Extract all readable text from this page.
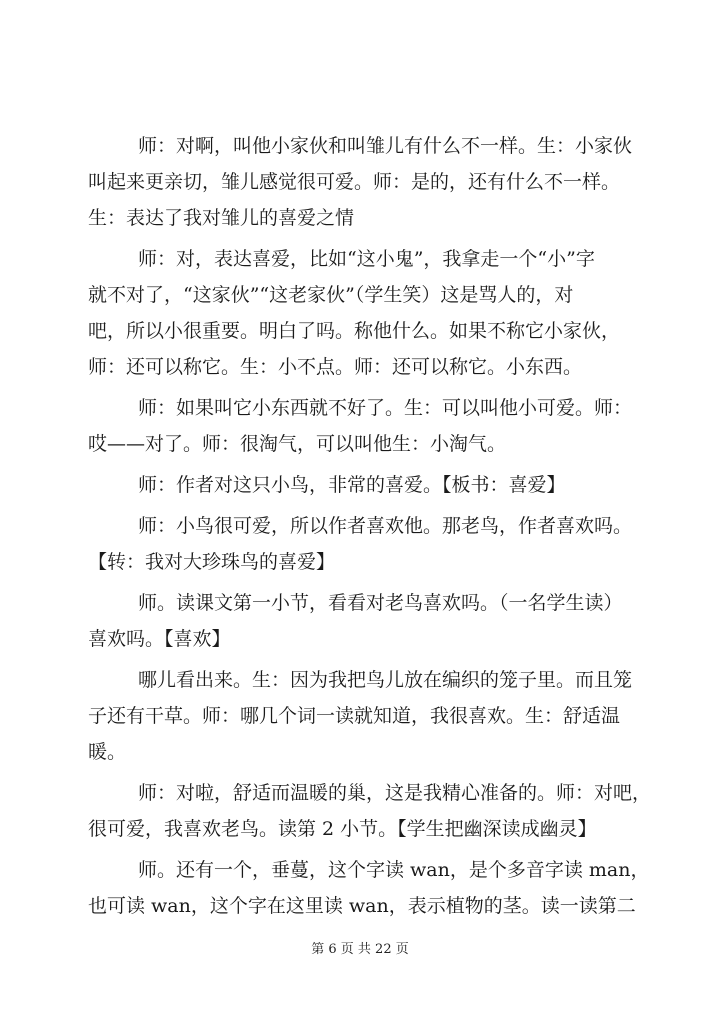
师：对啊，叫他小家伙和叫雏儿有什么不一样。生：小家伙
叫起来更亲切，雏儿感觉很可爱。师：是的，还有什么不一样。
生：表达了我对雏儿的喜爱之情
师：对，表达喜爱，比如“这小鬼”，我拿走一个“小”字
就不对了，“这家伙”“这老家伙”（学生笑）这是骂人的，对
吧，所以小很重要。明白了吗。称他什么。如果不称它小家伙，
师：还可以称它。生：小不点。师：还可以称它。小东西。
师：如果叫它小东西就不好了。生：可以叫他小可爱。师：
哎——对了。师：很淘气，可以叫他生：小淘气。
师：作者对这只小鸟，非常的喜爱。【板书：喜爱】
师：小鸟很可爱，所以作者喜欢他。那老鸟，作者喜欢吗。
【转：我对大珍珠鸟的喜爱】
师。读课文第一小节，看看对老鸟喜欢吗。（一名学生读）
喜欢吗。【喜欢】
哪儿看出来。生：因为我把鸟儿放在编织的笼子里。而且笼
子还有干草。师：哪几个词一读就知道，我很喜欢。生：舒适温
暖。
师：对啦，舒适而温暖的巢，这是我精心准备的。师：对吧，
很可爱，我喜欢老鸟。读第 2 小节。【学生把幽深读成幽灵】
师。还有一个，垂蔓，这个字读 wan，是个多音字读 man，
也可读 wan，这个字在这里读 wan，表示植物的茎。读一读第二
第 6 页 共 22 页
